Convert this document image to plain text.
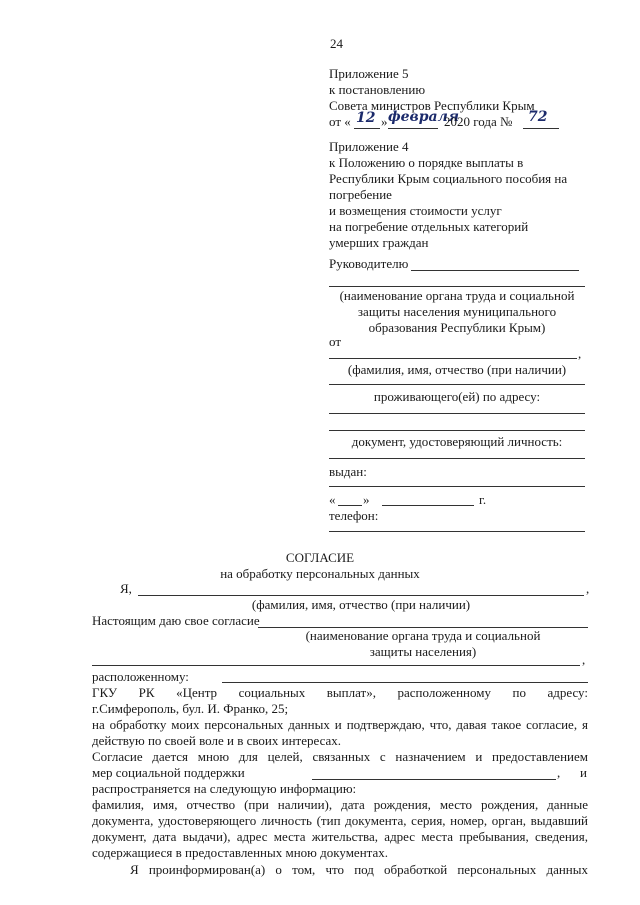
24
Приложение 5
к постановлению
Совета министров Республики Крым
от « 12 » февраля
2020 года № 72
Приложение 4
к Положению о порядке выплаты в
Республики Крым социального пособия на
погребение
и возмещения стоимости услуг
на погребение отдельных категорий
умерших граждан
Руководителю
(наименование органа труда и социальной
защиты населения муниципального
образования Республики Крым)
от
,
(фамилия, имя, отчество (при наличии)
проживающего(ей) по адресу:
документ, удостоверяющий личность:
выдан:
« »	г.
телефон:
СОГЛАСИЕ
на обработку персональных данных
Я,	,
(фамилия, имя, отчество (при наличии)
Настоящим даю свое согласие
(наименование органа труда и социальной
защиты населения)
,
расположенному:
ГКУ РК «Центр социальных выплат», расположенному по адресу:
г.Симферополь, бул. И. Франко, 25;
на обработку моих персональных данных и подтверждаю, что, давая такое согласие, я
действую по своей воле и в своих интересах.
Согласие дается мною для целей, связанных с назначением и предоставлением
мер социальной поддержки	, и
распространяется на следующую информацию:
фамилия, имя, отчество (при наличии), дата рождения, место рождения, данные
документа, удостоверяющего личность (тип документа, серия, номер, орган, выдавший
документ, дата выдачи), адрес места жительства, адрес места пребывания, сведения,
содержащиеся в предоставленных мною документах.
Я проинформирован(а) о том, что под обработкой персональных данных
